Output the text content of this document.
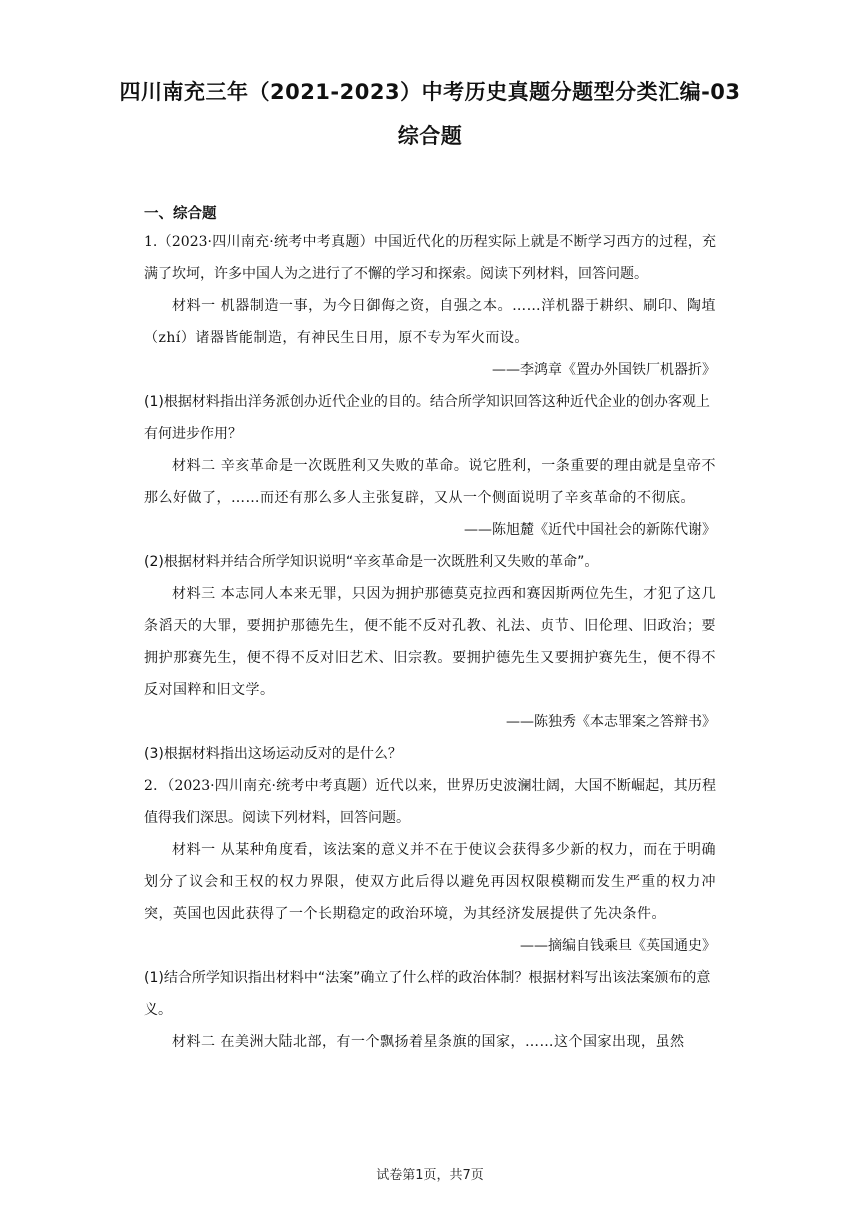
四川南充三年（2021-2023）中考历史真题分题型分类汇编-03
综合题
一、综合题

1.（2023·四川南充·统考中考真题）中国近代化的历程实际上就是不断学习西方的过程，充满了坎坷，许多中国人为之进行了不懈的学习和探索。阅读下列材料，回答问题。

材料一 机器制造一事，为今日御侮之资，自强之本。……洋机器于耕织、刷印、陶埴（zhí）诸器皆能制造，有神民生日用，原不专为军火而设。

——李鸿章《置办外国铁厂机器折》

(1)根据材料指出洋务派创办近代企业的目的。结合所学知识回答这种近代企业的创办客观上有何进步作用？

材料二 辛亥革命是一次既胜利又失败的革命。说它胜利，一条重要的理由就是皇帝不那么好做了，……而还有那么多人主张复辟，又从一个侧面说明了辛亥革命的不彻底。

——陈旭麓《近代中国社会的新陈代谢》

(2)根据材料并结合所学知识说明“辛亥革命是一次既胜利又失败的革命”。

材料三 本志同人本来无罪，只因为拥护那德莫克拉西和赛因斯两位先生，才犯了这几条滔天的大罪，要拥护那德先生，便不能不反对孔教、礼法、贞节、旧伦理、旧政治；要拥护那赛先生，便不得不反对旧艺术、旧宗教。要拥护德先生又要拥护赛先生，便不得不反对国粹和旧文学。

——陈独秀《本志罪案之答辩书》

(3)根据材料指出这场运动反对的是什么？

2．（2023·四川南充·统考中考真题）近代以来，世界历史波澜壮阔，大国不断崛起，其历程值得我们深思。阅读下列材料，回答问题。

材料一 从某种角度看，该法案的意义并不在于使议会获得多少新的权力，而在于明确划分了议会和王权的权力界限，使双方此后得以避免再因权限模糊而发生严重的权力冲突，英国也因此获得了一个长期稳定的政治环境，为其经济发展提供了先决条件。

——摘编自钱乘旦《英国通史》

(1)结合所学知识指出材料中“法案”确立了什么样的政治体制？根据材料写出该法案颁布的意义。

材料二 在美洲大陆北部，有一个飘扬着星条旗的国家，……这个国家出现，虽然

试卷第1页，共7页
